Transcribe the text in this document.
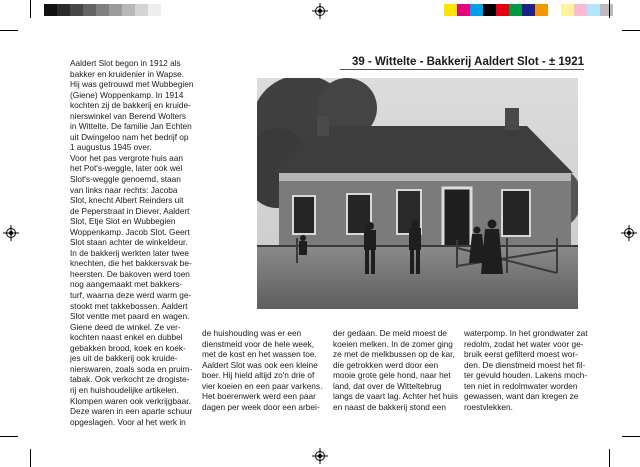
39 - Wittelte - Bakkerij Aaldert Slot - ± 1921

Aaldert Slot begon in 1912 als

bakker en kruidenier in Wapse.

Hij was getrouwd met Wubbegien

(Giene) Woppenkamp. In 1914

kochten zij de bakkerij en kruide-

nierswinkel van Berend Wolters

in Wittelte. De familie Jan Echten

uit Dwingeloo nam het bedrijf op

1 augustus 1945 over.

Voor het pas vergrote huis aan

het Pot's-weggle, later ook wel

Slot's-weggle genoemd, staan

van links naar rechts: Jacoba

Slot, knecht Albert Reinders uit

de Peperstraat in Diever, Aaldert

Slot, Etje Slot en Wubbegien

Woppenkamp. Jacob Slot. Geert

Slot staan achter de winkeldeur.

In de bakkerij werkten later twee

knechten, die het bakkersvak be-

heersten. De bakoven werd toen

nog aangemaakt met bakkers-

turf, waarna deze werd warm ge-

stookt met takkebossen. Aaldert

Slot ventte met paard en wagen.

Giene deed de winkel. Ze ver-

kochten naast enkel en dubbel

gebakken brood, koek en koek-

jes uit de bakkerij ook kruide-

nierswaren, zoals soda en pruim-

tabak. Ook verkocht ze drogiste-

rij en huishoudelijke artikelen.

Klompen waren ook verkrijgbaar.

Deze waren in een aparte schuur

opgeslagen. Voor al het werk in

de huishouding was er een

dienstmeid voor de hele week,

met de kost en het wassen toe.

Aaldert Slot was ook een kleine

boer. Hij hield altijd zo'n drie of

vier koeien en een paar varkens.

Het boerenwerk werd een paar

dagen per week door een arbei-

der gedaan. De meid moest de

koeien melken. In de zomer ging

ze met de melkbussen op de kar,

die getrokken werd door een

mooie grote gele hond, naar het

land, dat over de Witteltebrug

langs de vaart lag. Achter het huis

en naast de bakkerij stond een

waterpomp. In het grondwater zat

redolm, zodat het water voor ge-

bruik eerst gefilterd moest wor-

den. De dienstmeid moest het fil-

ter gevuld houden. Lakens moch-

ten niet in redolmwater worden

gewassen, want dan kregen ze

roestvlekken.
